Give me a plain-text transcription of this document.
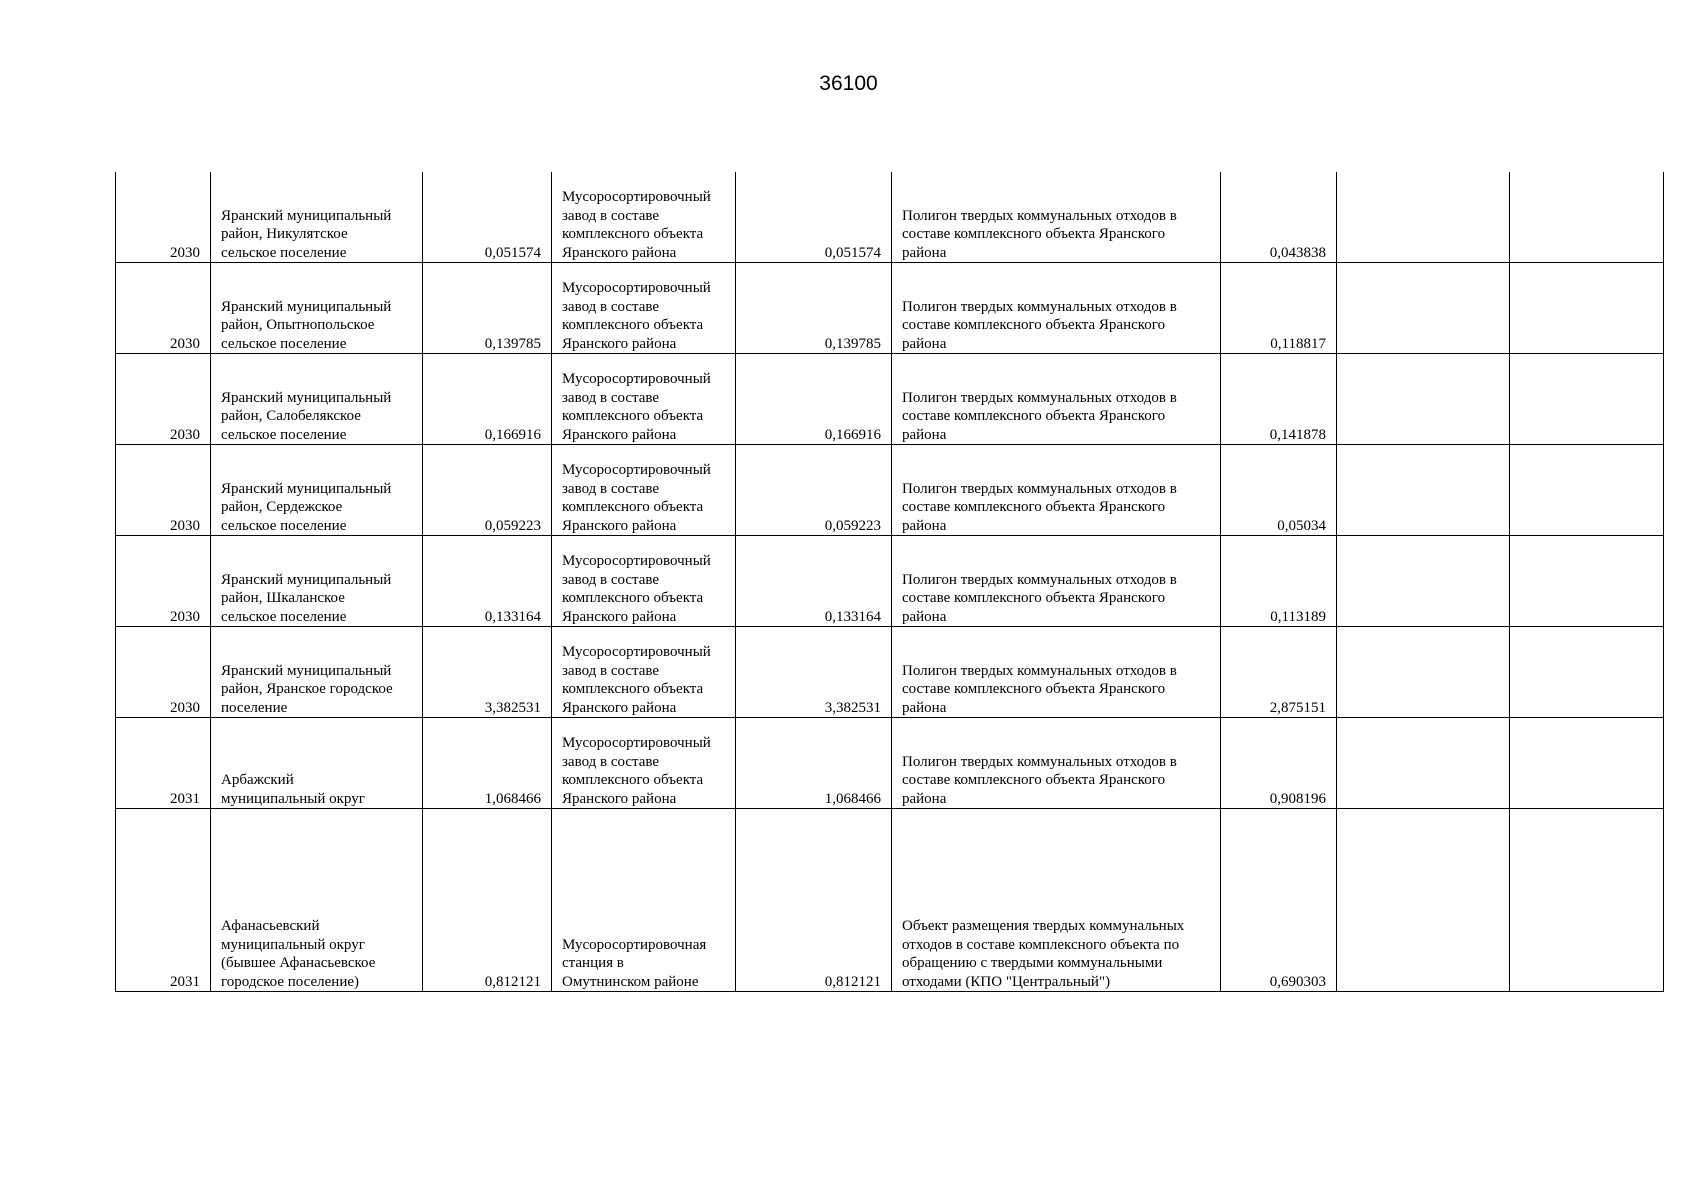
36100
2030	Яранский муниципальный
район, Никулятское
сельское поселение	0,051574	Мусоросортировочный
завод в составе
комплексного объекта
Яранского района	0,051574	Полигон твердых коммунальных отходов в
составе комплексного объекта Яранского
района	0,043838		
2030	Яранский муниципальный
район, Опытнопольское
сельское поселение	0,139785	Мусоросортировочный
завод в составе
комплексного объекта
Яранского района	0,139785	Полигон твердых коммунальных отходов в
составе комплексного объекта Яранского
района	0,118817		
2030	Яранский муниципальный
район, Салобелякское
сельское поселение	0,166916	Мусоросортировочный
завод в составе
комплексного объекта
Яранского района	0,166916	Полигон твердых коммунальных отходов в
составе комплексного объекта Яранского
района	0,141878		
2030	Яранский муниципальный
район, Сердежское
сельское поселение	0,059223	Мусоросортировочный
завод в составе
комплексного объекта
Яранского района	0,059223	Полигон твердых коммунальных отходов в
составе комплексного объекта Яранского
района	0,05034		
2030	Яранский муниципальный
район, Шкаланское
сельское поселение	0,133164	Мусоросортировочный
завод в составе
комплексного объекта
Яранского района	0,133164	Полигон твердых коммунальных отходов в
составе комплексного объекта Яранского
района	0,113189		
2030	Яранский муниципальный
район, Яранское городское
поселение	3,382531	Мусоросортировочный
завод в составе
комплексного объекта
Яранского района	3,382531	Полигон твердых коммунальных отходов в
составе комплексного объекта Яранского
района	2,875151		
2031	Арбажский
муниципальный округ	1,068466	Мусоросортировочный
завод в составе
комплексного объекта
Яранского района	1,068466	Полигон твердых коммунальных отходов в
составе комплексного объекта Яранского
района	0,908196		
2031	Афанасьевский
муниципальный округ
(бывшее Афанасьевское
городское поселение)	0,812121	Мусоросортировочная
станция в
Омутнинском районе	0,812121	Объект размещения твердых коммунальных
отходов в составе комплексного объекта по
обращению с твердыми коммунальными
отходами (КПО "Центральный")	0,690303		
